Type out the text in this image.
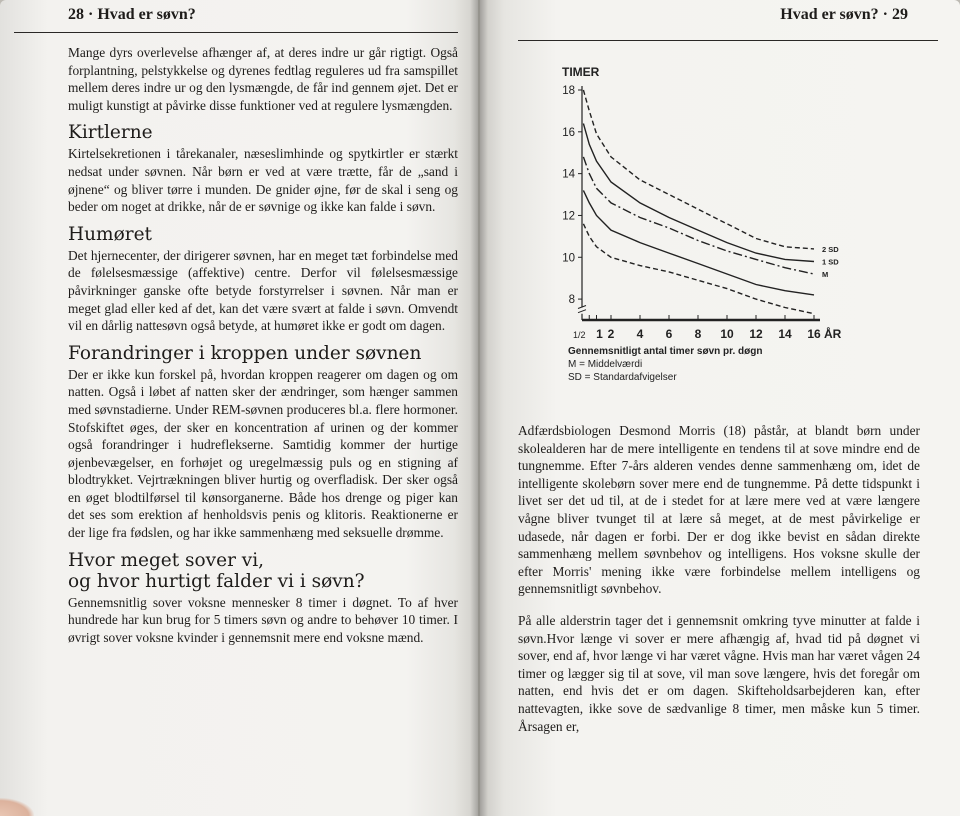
28 · Hvad er søvn?

Mange dyrs overlevelse afhænger af, at deres indre ur går rigtigt. Også forplantning, pelstykkelse og dyrenes fedtlag reguleres ud fra samspillet mellem deres indre ur og den lysmængde, de får ind gennem øjet. Det er muligt kunstigt at påvirke disse funktioner ved at regulere lysmængden.

Kirtlerne

Kirtelsekretionen i tårekanaler, næseslimhinde og spytkirtler er stærkt nedsat under søvnen. Når børn er ved at være trætte, får de „sand i øjnene“ og bliver tørre i munden. De gnider øjne, før de skal i seng og beder om noget at drikke, når de er søvnige og ikke kan falde i søvn.

Humøret

Det hjernecenter, der dirigerer søvnen, har en meget tæt forbindelse med de følelsesmæssige (affektive) centre. Derfor vil følelsesmæssige påvirkninger ganske ofte betyde forstyrrelser i søvnen. Når man er meget glad eller ked af det, kan det være svært at falde i søvn. Omvendt vil en dårlig nattesøvn også betyde, at humøret ikke er godt om dagen.

Forandringer i kroppen under søvnen

Der er ikke kun forskel på, hvordan kroppen reagerer om dagen og om natten. Også i løbet af natten sker der ændringer, som hænger sammen med søvnstadierne. Under REM-søvnen produceres bl.a. flere hormoner. Stofskiftet øges, der sker en koncentration af urinen og der kommer også forandringer i hudreflekserne. Samtidig kommer der hurtige øjenbevægelser, en forhøjet og uregelmæssig puls og en stigning af blodtrykket. Vejrtrækningen bliver hurtig og overfladisk. Der sker også en øget blodtilførsel til kønsorganerne. Både hos drenge og piger kan det ses som erektion af henholdsvis penis og klitoris. Reaktionerne er der lige fra fødslen, og har ikke sammenhæng med seksuelle drømme.

Hvor meget sover vi,
og hvor hurtigt falder vi i søvn?

Gennemsnitlig sover voksne mennesker 8 timer i døgnet. To af hver hundrede har kun brug for 5 timers søvn og andre to behøver 10 timer. I øvrigt sover voksne kvinder i gennemsnit mere end voksne mænd.

Hvad er søvn? · 29
TIMER
8
10
12
14
16
18
1/2 1 2 4 6 8 10 12 14 16 ÅR
2 SD
1 SD
M
Gennemsnitligt antal timer søvn pr. døgn
M = Middelværdi
SD = Standardafvigelser

Adfærdsbiologen Desmond Morris (18) påstår, at blandt børn under skolealderen har de mere intelligente en tendens til at sove mindre end de tungnemme. Efter 7-års alderen vendes denne sammenhæng om, idet de intelligente skolebørn sover mere end de tungnemme. På dette tidspunkt i livet ser det ud til, at de i stedet for at lære mere ved at være længere vågne bliver tvunget til at lære så meget, at de mest påvirkelige er udasede, når dagen er forbi. Der er dog ikke bevist en sådan direkte sammenhæng mellem søvnbehov og intelligens. Hos voksne skulle der efter Morris' mening ikke være forbindelse mellem intelligens og gennemsnitligt søvnbehov.

På alle alderstrin tager det i gennemsnit omkring tyve minutter at falde i søvn.Hvor længe vi sover er mere afhængig af, hvad tid på døgnet vi sover, end af, hvor længe vi har været vågne. Hvis man har været vågen 24 timer og lægger sig til at sove, vil man sove længere, hvis det foregår om natten, end hvis det er om dagen. Skifteholdsarbejderen kan, efter nattevagten, ikke sove de sædvanlige 8 timer, men måske kun 5 timer. Årsagen er,
